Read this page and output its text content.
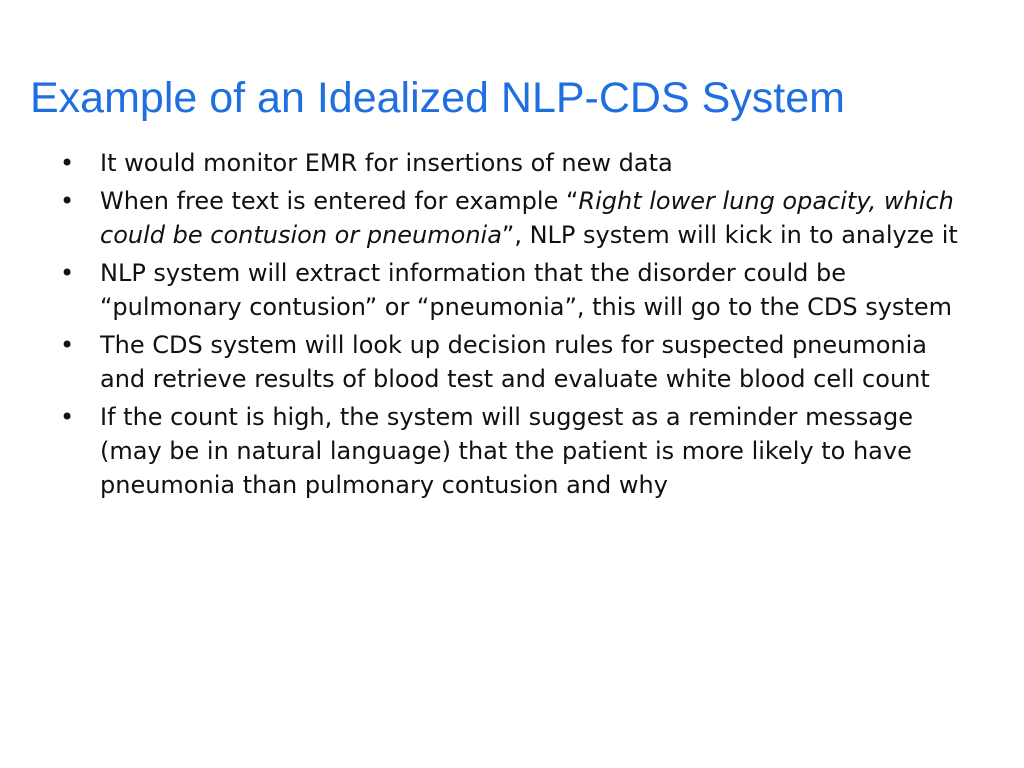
Example of an Idealized NLP-CDS System
• It would monitor EMR for insertions of new data
• When free text is entered for example “Right lower lung opacity, which could be contusion or pneumonia”, NLP system will kick in to analyze it
• NLP system will extract information that the disorder could be “pulmonary contusion” or “pneumonia”, this will go to the CDS system
• The CDS system will look up decision rules for suspected pneumonia and retrieve results of blood test and evaluate white blood cell count
• If the count is high, the system will suggest as a reminder message (may be in natural language) that the patient is more likely to have pneumonia than pulmonary contusion and why
